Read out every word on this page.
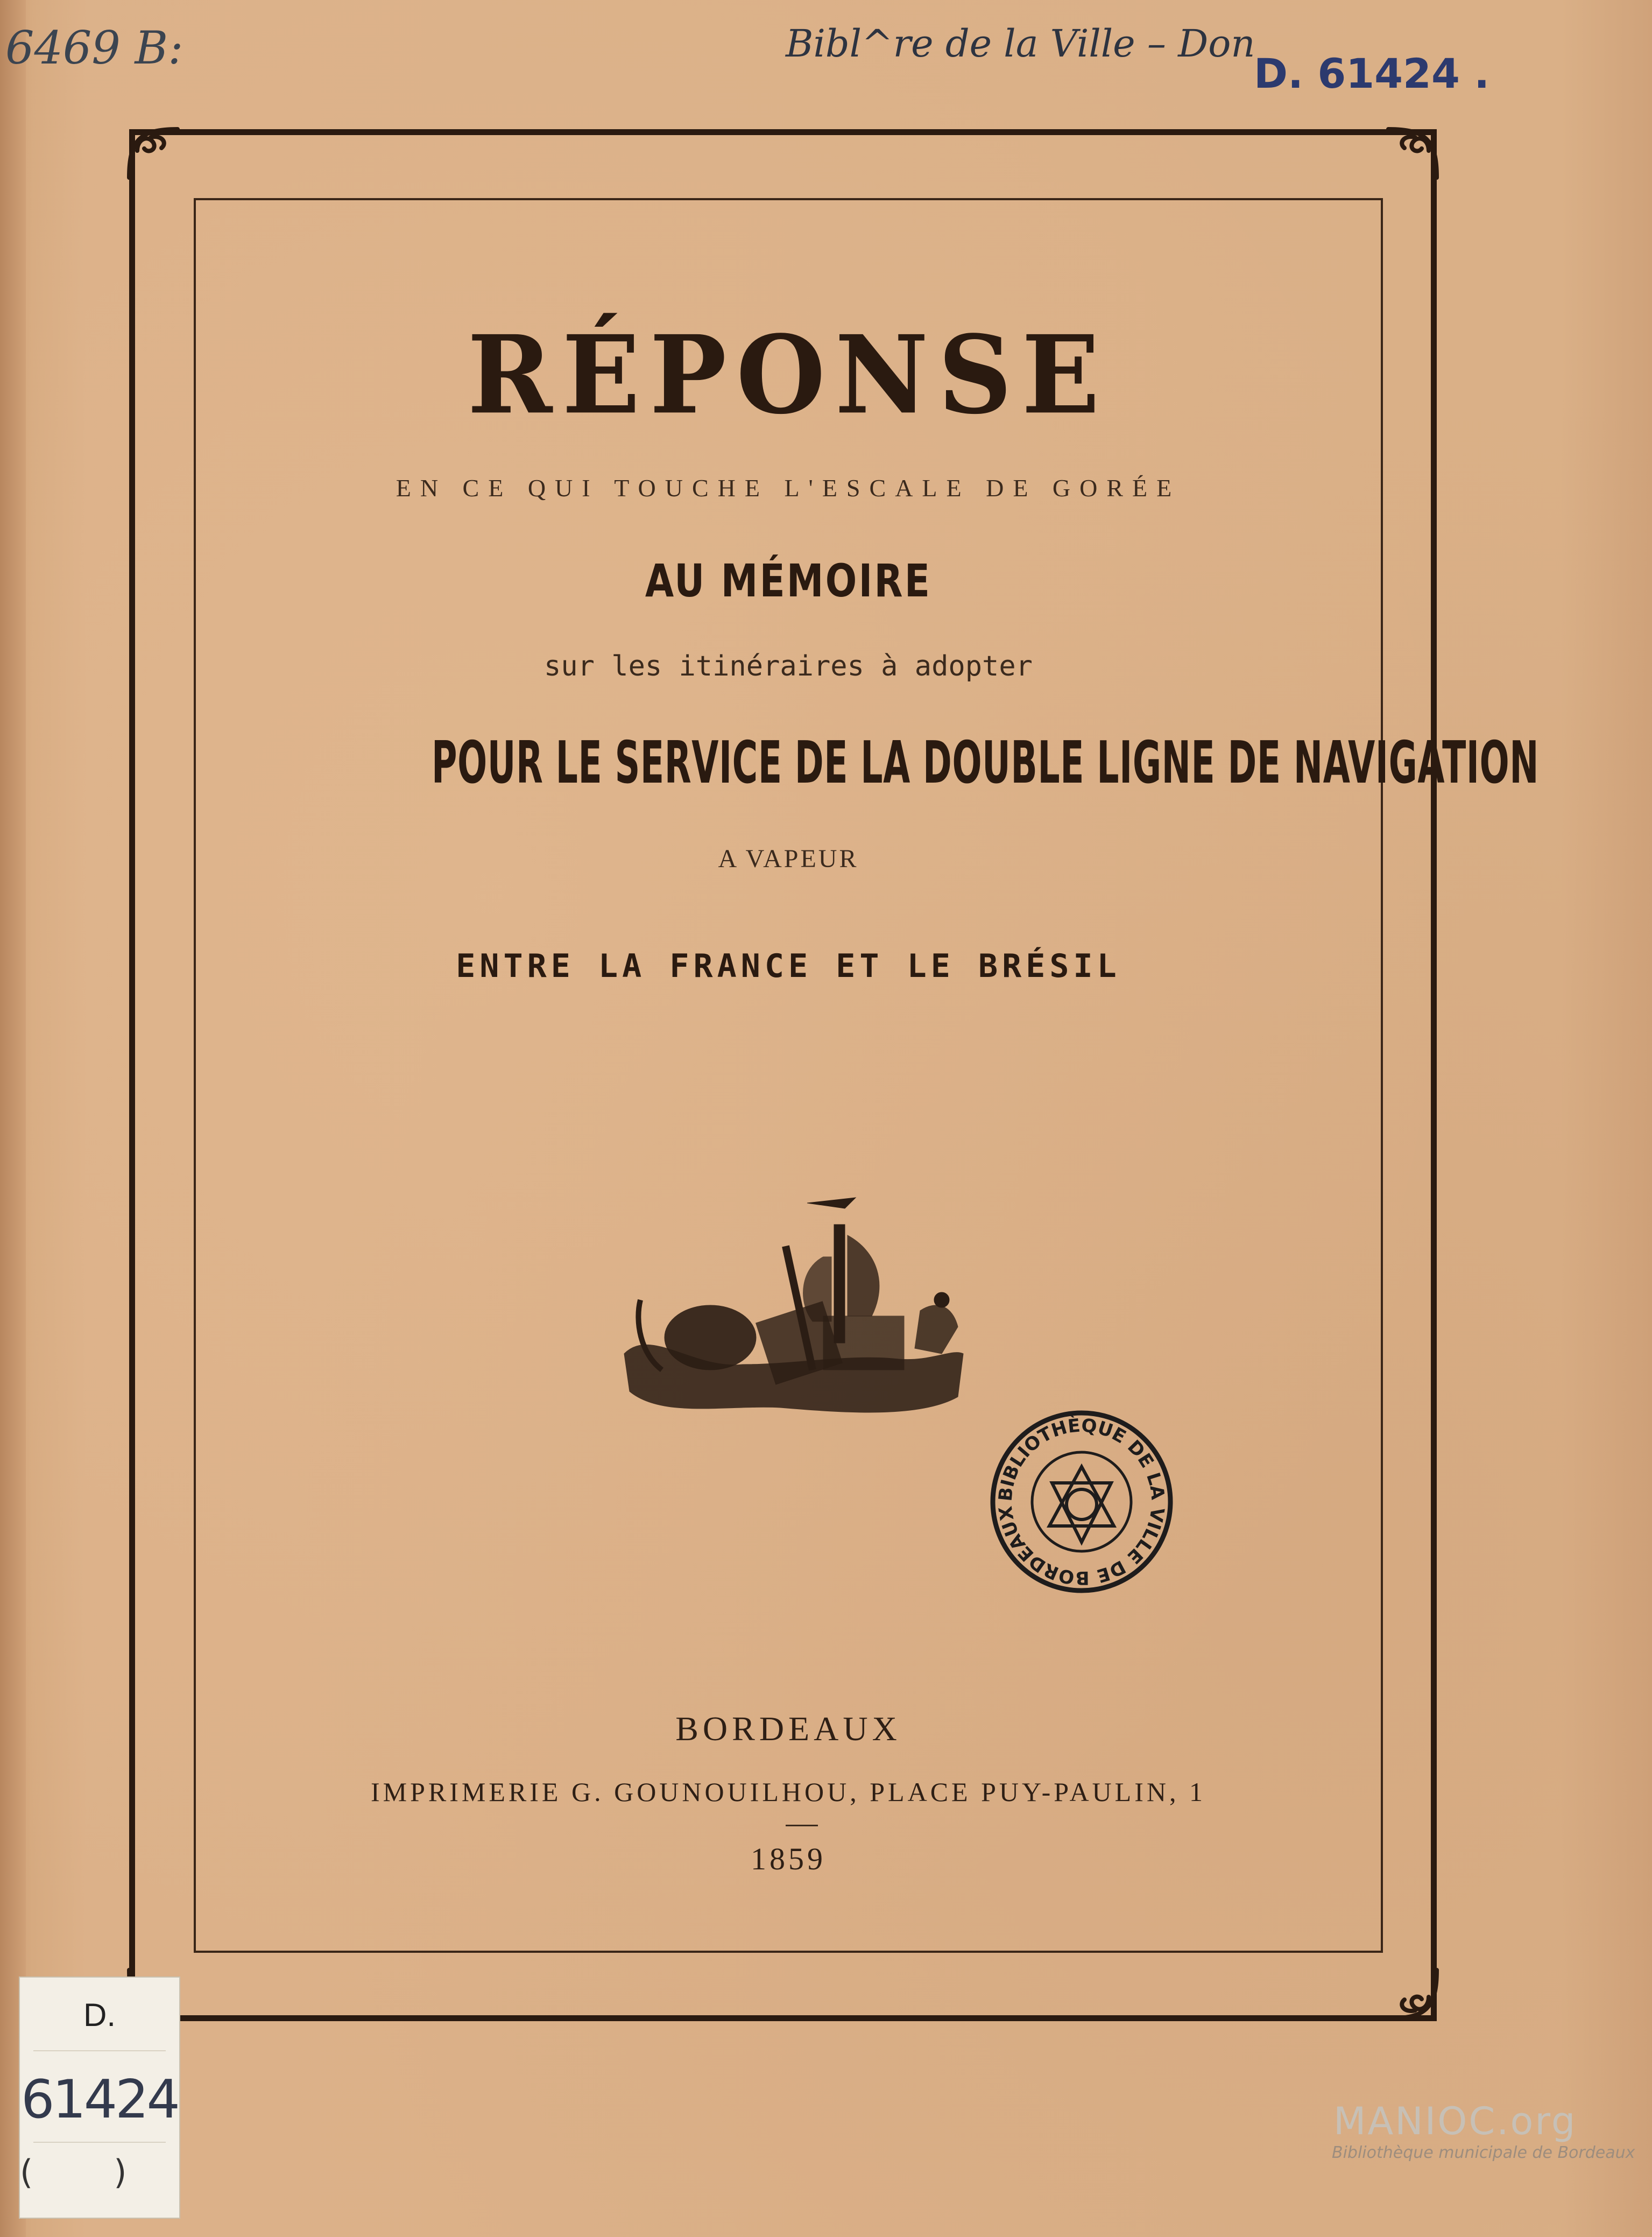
6469 B:	Bibl^re de la Ville – Don
D. 61424 .
RÉPONSE
EN CE QUI TOUCHE L'ESCALE DE GORÉE
AU MÉMOIRE
sur les itinéraires à adopter
POUR LE SERVICE DE LA DOUBLE LIGNE DE NAVIGATION
A VAPEUR
ENTRE LA FRANCE ET LE BRÉSIL
BIBLIOTHÈQUE DE LA VILLE DE BORDEAUX
BORDEAUX
IMPRIMERIE G. GOUNOUILHOU, PLACE PUY-PAULIN, 1
1859
D.
61424
()
MANIOC.org
Bibliothèque municipale de Bordeaux
